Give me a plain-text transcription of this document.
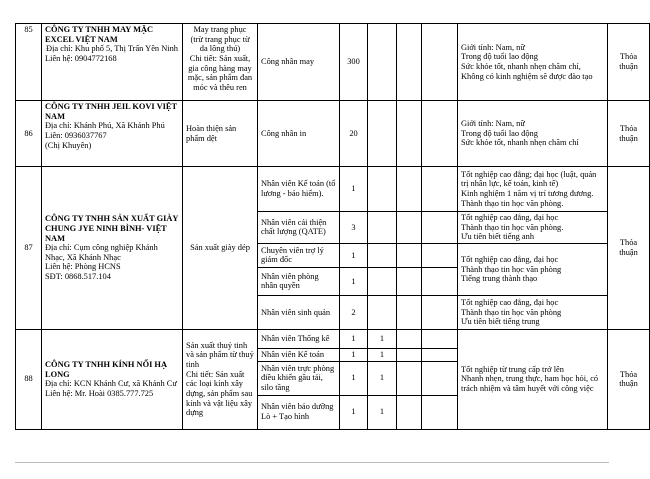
85	CÔNG TY TNHH MAY MẶC EXCEL VIỆT NAM
Địa chỉ: Khu phố 5, Thị Trấn Yên Ninh
Liên hệ: 0904772168	May trang phục
(trừ trang phục từ da lông thú)
Chi tiết: Sản xuất, gia công hàng may mặc, sản phẩm đan móc và thêu ren	Công nhân may	300				Giới tính: Nam, nữ
Trong độ tuổi lao động
Sức khỏe tốt, nhanh nhẹn chăm chỉ, Không có kinh nghiệm sẽ được đào tạo	Thỏa thuận
86	CÔNG TY TNHH JEIL KOVI VIỆT NAM
Địa chỉ: Khánh Phú, Xã Khánh Phú
Liên: 0936037767
(Chị Khuyên)	Hoàn thiện sản phẩm dệt	Công nhân in	20				Giới tính: Nam, nữ
Trong độ tuổi lao động
Sức khỏe tốt, nhanh nhẹn chăm chỉ	Thỏa thuận
87	CÔNG TY TNHH SẢN XUẤT GIÀY CHUNG JYE NINH BÌNH- VIỆT NAM
Địa chỉ: Cụm công nghiệp Khánh Nhạc, Xã Khánh Nhạc
Liên hệ: Phòng HCNS
SĐT: 0868.517.104	Sản xuất giày dép	Nhân viên Kế toán (tổ lương - bảo hiểm).	1				Tốt nghiệp cao đẳng; đại học (luật, quản trị nhân lực, kế toán, kinh tế)
Kinh nghiệm 1 năm vị trí tương đương.
Thành thạo tin học văn phòng.	Thỏa thuận
			Nhân viên cải thiện chất lượng (QATE)	3				Tốt nghiệp cao đẳng, đại học
Thành thạo tin học văn phòng.
Ưu tiên biết tiếng anh	

			Chuyên viên trợ lý giám đốc	1				Tốt nghiệp cao đẳng, đại học
Thành thạo tin học văn phòng
Tiếng trung thành thạo	

			Nhân viên phòng nhân quyền	1					
			Nhân viên sinh quản	2				Tốt nghiệp cao đẳng, đại học
Thành thạo tin học văn phòng
Ưu tiên biết tiếng trung	

88	CÔNG TY TNHH KÍNH NỔI HẠ LONG
Địa chỉ: KCN Khánh Cư, xã Khánh Cư
Liên hệ: Mr. Hoài 0385.777.725	Sản xuất thuỷ tinh và sản phẩm từ thuỷ tinh
Chi tiết: Sản xuất các loại kính xây dựng, sản phẩm sau kính và vật liệu xây dựng	Nhân viên Thống kê	1	1			Tốt nghiệp từ trung cấp trở lên
Nhanh nhẹn, trung thực, ham học hỏi, có trách nhiệm và tâm huyết với công việc	Thỏa thuận
			Nhân viên Kế toán	1	1				
			Nhân viên trực phòng điều khiển gầu tải, silo tầng	1	1				
			Nhân viên bảo dưỡng Lò + Tạo hình	1	1				
